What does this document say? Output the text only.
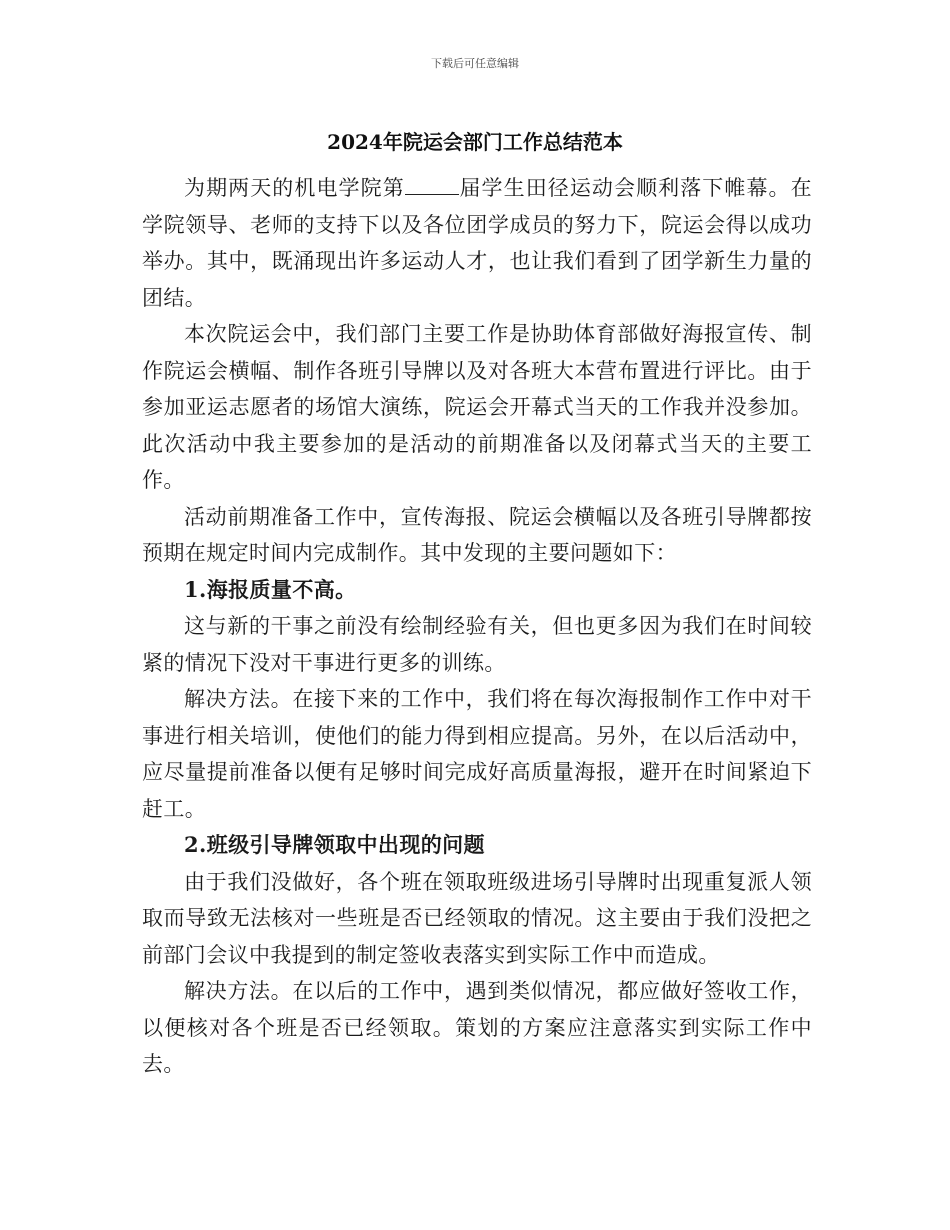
下载后可任意编辑
2024年院运会部门工作总结范本

为期两天的机电学院第	届学生田径运动会顺利落下帷幕。在学院领导、老师的支持下以及各位团学成员的努力下，院运会得以成功举办。其中，既涌现出许多运动人才，也让我们看到了团学新生力量的团结。

本次院运会中，我们部门主要工作是协助体育部做好海报宣传、制作院运会横幅、制作各班引导牌以及对各班大本营布置进行评比。由于参加亚运志愿者的场馆大演练，院运会开幕式当天的工作我并没参加。此次活动中我主要参加的是活动的前期准备以及闭幕式当天的主要工作。

活动前期准备工作中，宣传海报、院运会横幅以及各班引导牌都按预期在规定时间内完成制作。其中发现的主要问题如下：

1.海报质量不高。

这与新的干事之前没有绘制经验有关，但也更多因为我们在时间较紧的情况下没对干事进行更多的训练。

解决方法。在接下来的工作中，我们将在每次海报制作工作中对干事进行相关培训，使他们的能力得到相应提高。另外，在以后活动中，应尽量提前准备以便有足够时间完成好高质量海报，避开在时间紧迫下赶工。

2.班级引导牌领取中出现的问题

由于我们没做好，各个班在领取班级进场引导牌时出现重复派人领取而导致无法核对一些班是否已经领取的情况。这主要由于我们没把之前部门会议中我提到的制定签收表落实到实际工作中而造成。

解决方法。在以后的工作中，遇到类似情况，都应做好签收工作，以便核对各个班是否已经领取。策划的方案应注意落实到实际工作中去。
